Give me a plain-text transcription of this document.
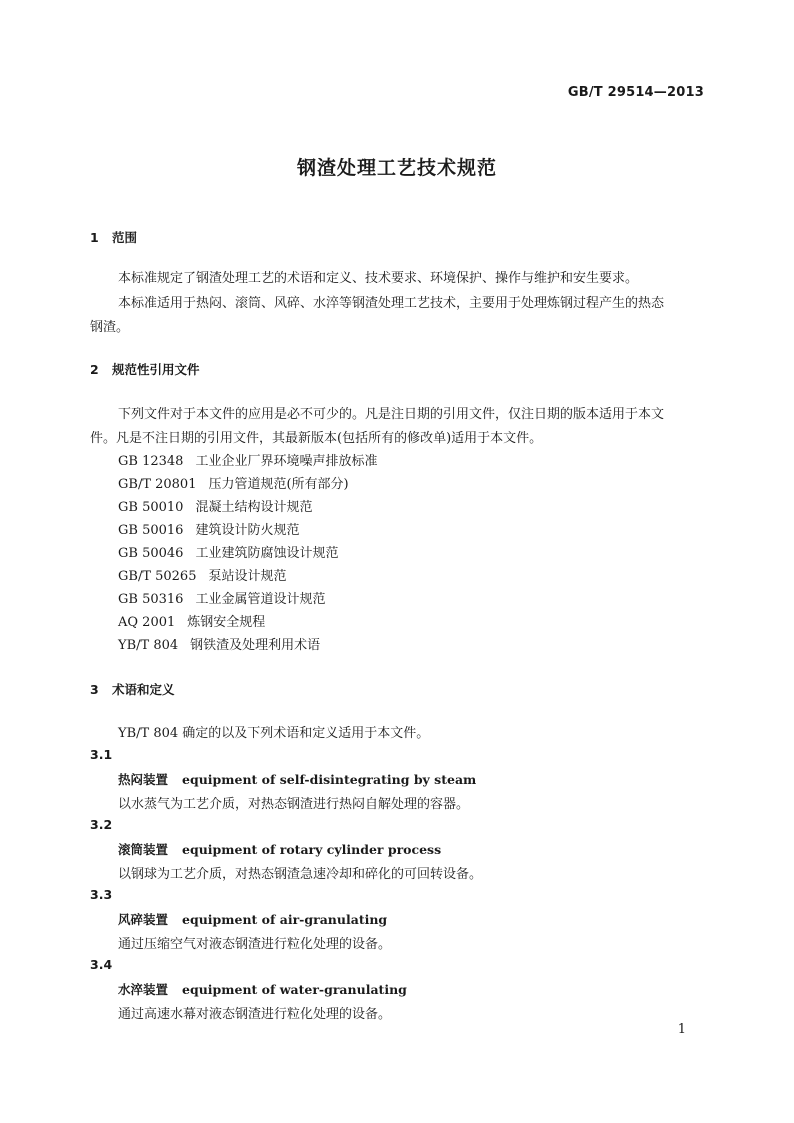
GB/T 29514—2013
钢渣处理工艺技术规范
1 范围
本标准规定了钢渣处理工艺的术语和定义、技术要求、环境保护、操作与维护和安生要求。
本标准适用于热闷、滚筒、风碎、水淬等钢渣处理工艺技术，主要用于处理炼钢过程产生的热态
钢渣。
2 规范性引用文件
下列文件对于本文件的应用是必不可少的。凡是注日期的引用文件，仅注日期的版本适用于本文
件。凡是不注日期的引用文件，其最新版本(包括所有的修改单)适用于本文件。
GB 12348 工业企业厂界环境噪声排放标准
GB/T 20801 压力管道规范(所有部分)
GB 50010 混凝土结构设计规范
GB 50016 建筑设计防火规范
GB 50046 工业建筑防腐蚀设计规范
GB/T 50265 泵站设计规范
GB 50316 工业金属管道设计规范
AQ 2001 炼钢安全规程
YB/T 804 钢铁渣及处理利用术语
3 术语和定义
YB/T 804 确定的以及下列术语和定义适用于本文件。
3.1
热闷装置 equipment of self-disintegrating by steam
以水蒸气为工艺介质，对热态钢渣进行热闷自解处理的容器。
3.2
滚筒装置 equipment of rotary cylinder process
以钢球为工艺介质，对热态钢渣急速冷却和碎化的可回转设备。
3.3
风碎装置 equipment of air-granulating
通过压缩空气对液态钢渣进行粒化处理的设备。
3.4
水淬装置 equipment of water-granulating
通过高速水幕对液态钢渣进行粒化处理的设备。
1
